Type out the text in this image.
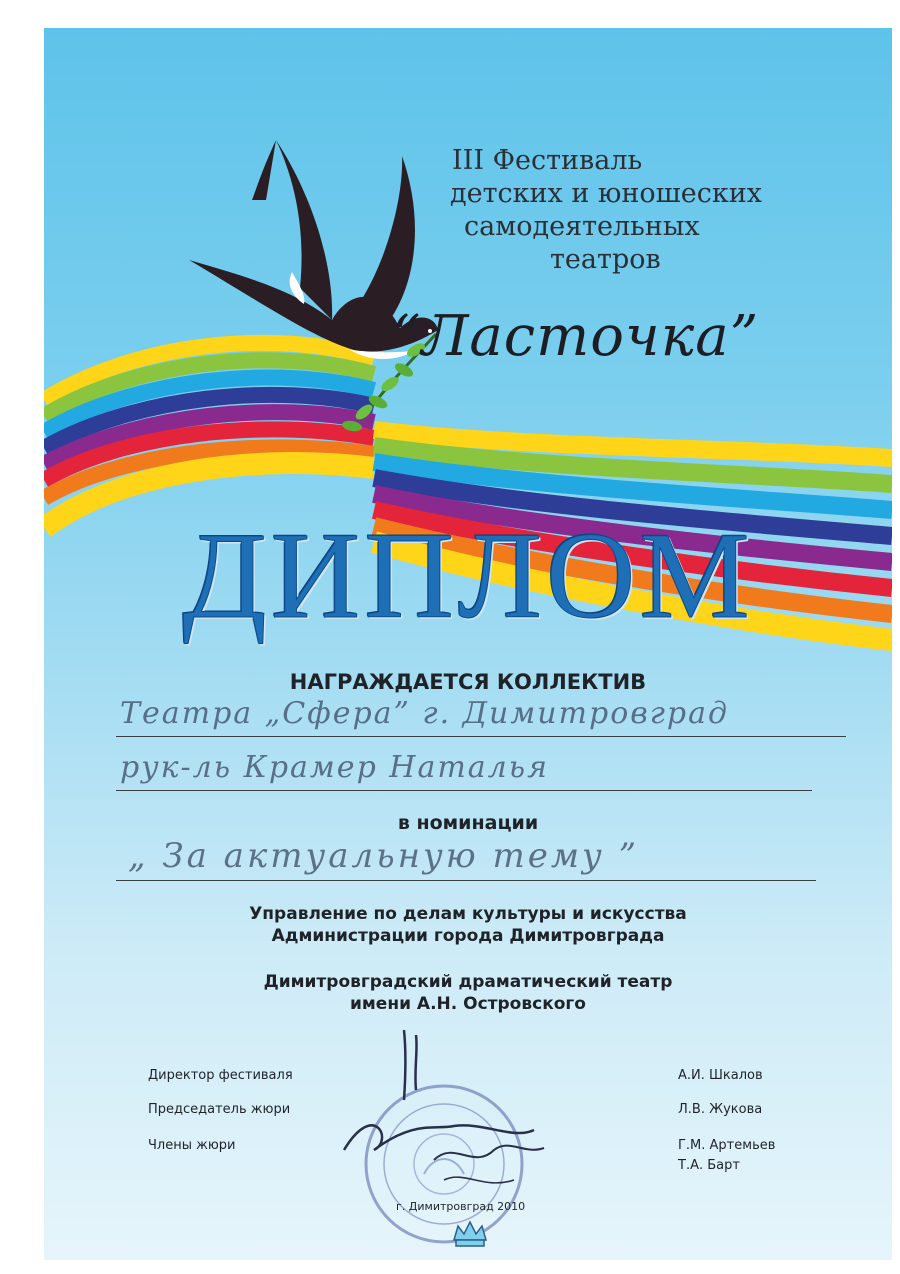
III Фестиваль
детских и юношеских
самодеятельных
театров
“Ласточка”
ДИПЛОМ
НАГРАЖДАЕТСЯ КОЛЛЕКТИВ
Театра „Сфера” г. Димитровград
рук-ль Крамер Наталья
в номинации
„ За актуальную тему ”
Управление по делам культуры и искусства
Администрации города Димитровграда
Димитровградский драматический театр
имени А.Н. Островского
Директор фестиваля
Председатель жюри
Члены жюри
А.И. Шкалов
Л.В. Жукова
Г.М. Артемьев
Т.А. Барт
г. Димитровград 2010
